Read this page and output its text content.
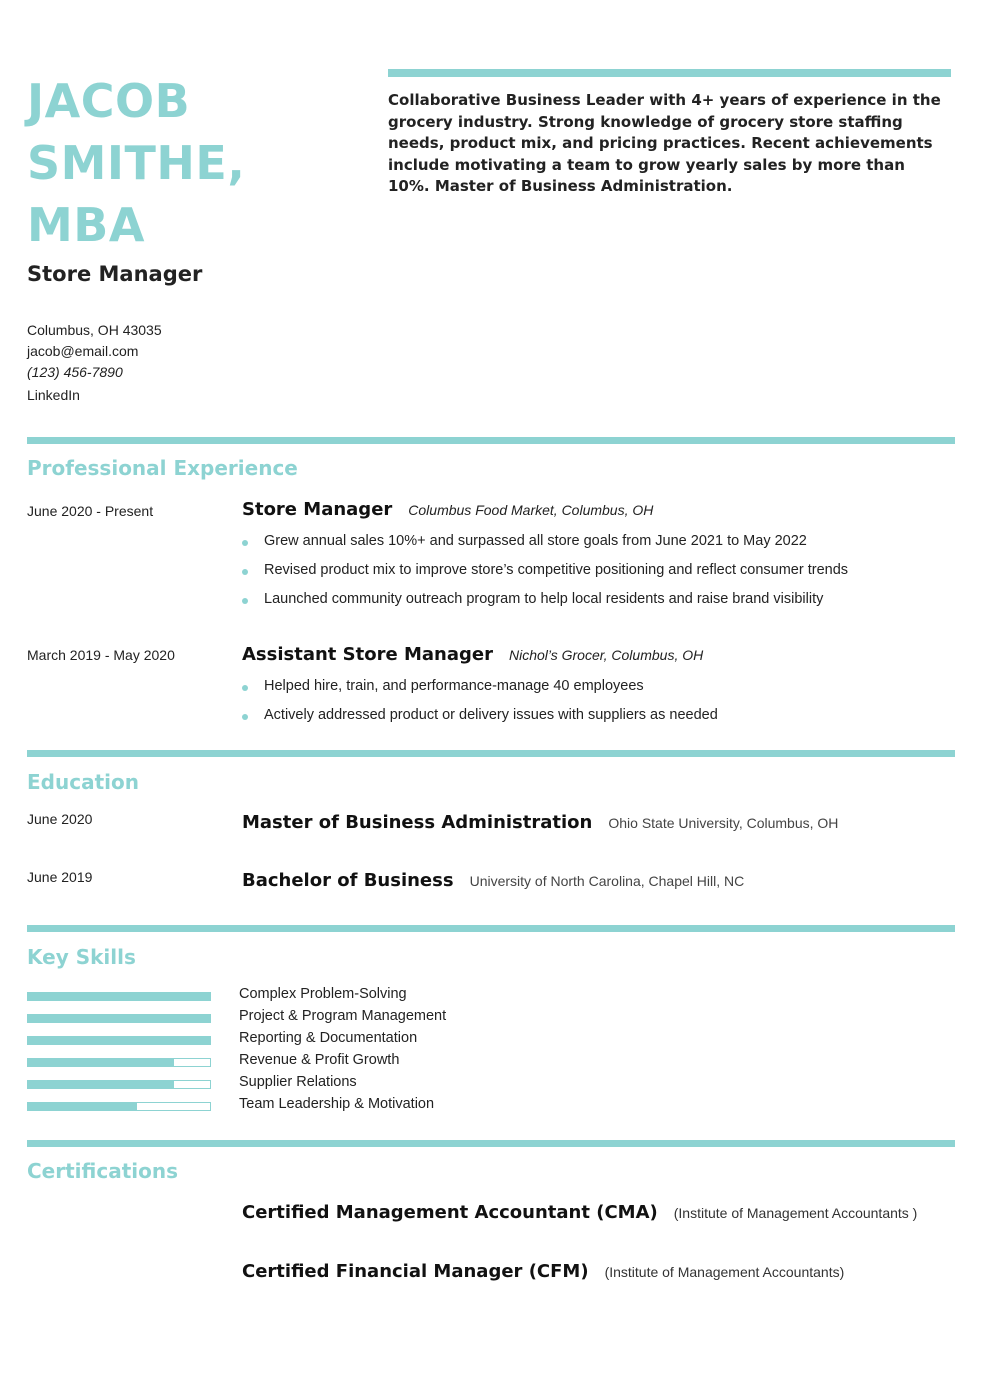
JACOB
SMITHE,
MBA
Store Manager
Columbus, OH 43035
jacob@email.com
(123) 456-7890
LinkedIn
Collaborative Business Leader with 4+ years of experience in the grocery industry. Strong knowledge of grocery store staffing needs, product mix, and pricing practices. Recent achievements include motivating a team to grow yearly sales by more than 10%. Master of Business Administration.
Professional Experience
June 2020 - Present	Store Manager Columbus Food Market, Columbus, OH
Grew annual sales 10%+ and surpassed all store goals from June 2021 to May 2022
Revised product mix to improve store’s competitive positioning and reflect consumer trends
Launched community outreach program to help local residents and raise brand visibility
March 2019 - May 2020	Assistant Store Manager Nichol’s Grocer, Columbus, OH
Helped hire, train, and performance-manage 40 employees
Actively addressed product or delivery issues with suppliers as needed
Education
June 2020	Master of Business Administration Ohio State University, Columbus, OH
June 2019	Bachelor of Business University of North Carolina, Chapel Hill, NC
Key Skills
Complex Problem-Solving
Project & Program Management
Reporting & Documentation
Revenue & Profit Growth
Supplier Relations
Team Leadership & Motivation
Certifications
Certified Management Accountant (CMA) (Institute of Management Accountants )
Certified Financial Manager (CFM) (Institute of Management Accountants)
